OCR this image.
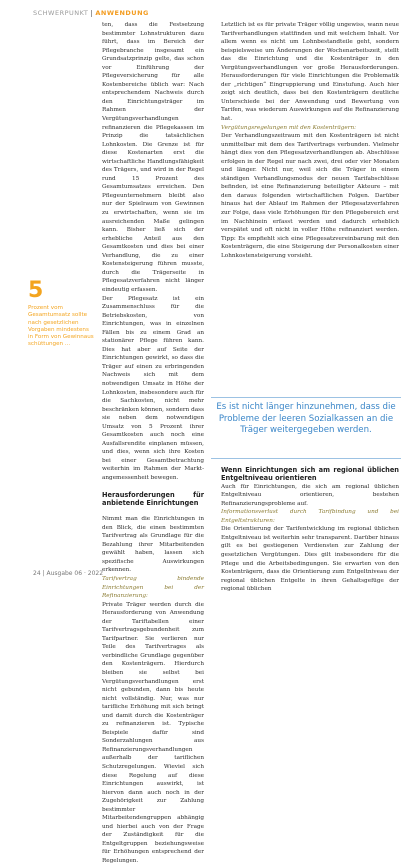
SCHWERPUNKT ANWENDUNG
5
Prozent vom Gesamtumsatz sollte nach gesetzlichen Vorgaben mindestens in Form von Gewinnaus schüttungen ...

ten, dass die Festsetzung bestimmter Lohnstrukturen dazu führt, dass im Bereich der Pflegebranche insgesamt ein Grundsatzprinzip gelte, das schon vor Einführung der Pflegeversicherung für alle Kostenbereiche üblich war: Nach entsprechendem Nachweis durch den Einrichtungsträger im Rahmen der Vergütungsverhandlungen refinanzieren die Pflegekassen im Prinzip die tatsächlichen Lohnkosten. Die Grenze ist für diese Kostenarten erst die wirtschaftliche Handlungsfähigkeit des Trägers, und wird in der Regel rund 15 Prozent des Gesamtumsatzes erreichen. Den Pflegeunternehmern bleibt also nur der Spielraum von Gewinnen zu erwirtschaften, wenn sie im ausreichenden Maße gelingen kann. Bisher ließ sich der erhebliche Anteil aus den Gesamtkosten und dies bei einer Verhandlung, die zu einer Kostensteigerung führen musste, durch die Trägerseite in Pflegesatzverfahren nicht länger eindeutig erfassen.

Der Pflegesatz ist ein Zusammenschluss für die Betriebskosten, von Einrichtungen, was in einzelnen Fällen bis zu einem Grad an stationärer Pflege führen kann. Dies hat aber auf Seite der Einrichtungen gewirkt, so dass die Träger auf einen zu erbringenden Nachweis sich mit dem notwendigen Umsatz in Höhe der Lohnkosten, insbesondere auch für die Sachkosten, nicht mehr beschränken können, sondern dass sie neben dem notwendigen Umsatz von 5 Prozent ihrer Gesamtkosten auch noch eine Ausfallsrendite einplanen müssen, und dies, wenn sich ihre Kosten bei einer Gesamtbetrachtung weiterhin im Rahmen der Markt-angemessenheit bewegen.

Herausforderungen für anbietende Einrichtungen

Nimmt man die Einrichtungen in den Blick, die einen bestimmten Tarifvertrag als Grundlage für die Bezahlung ihrer Mitarbeitenden gewählt haben, lassen sich spezifische Auswirkungen erkennen.

Tarifvertrag bindende Einrichtungen bei der Refinanzierung:

Private Träger werden durch die Herausforderung von Anwendung der Tariftabellen einer Tarifvertragsgebundenheit zum Tarifpartner. Sie verlieren nur Teile des Tarifvertrages als verbindliche Grundlage gegenüber den Kostenträgern. Hierdurch bleiben sie selbst bei Vergütungsverhandlungen erst nicht gebunden, dann bis heute nicht vollständig. Nur, was nur tarifliche Erhöhung mit sich bringt und damit durch die Kostenträger zu refinanzieren ist. Typische Beispiele dafür sind Sonderzahlungen aus Refinanzierungsverhandlungen außerhalb der tariflichen Schutzregelungen. Wieviel sich diese Regelung auf diese Einrichtungen auswirkt, ist hiervon dann auch noch in der Zugehörigkeit zur Zahlung bestimmter Mitarbeitendengruppen abhängig und hierbei auch von der Frage der Zuständigkeit für die Entgeltgruppen beziehungsweise für Erhöhungen entsprechend der Regelungen.

Letztlich ist es für private Träger völlig ungewiss, wann neue Tarifverhandlungen stattfinden und mit welchem Inhalt. Vor allem wenn es nicht um Lohnbestandteile geht, sondern beispielsweise um Änderungen der Wochenarbeitszeit, stellt das die Einrichtung und die Kostenträger in den Vergütungsverhandlungen vor große Herausforderungen. Herausforderungen für viele Einrichtungen die Problematik der „richtigen“ Eingruppierung und Einstufung. Auch hier zeigt sich deutlich, dass bei den Kostenträgern deutliche Unterschiede bei der Anwendung und Bewertung von Tarifen, was wiederum Auswirkungen auf die Refinanzierung hat.

Vergütungsregelungen mit den Kostenträgern:

Der Verhandlungszeitraum mit den Kostenträgern ist nicht unmittelbar mit dem des Tarifvertrags verbunden. Vielmehr hängt dies von den Pflegesatzverhandlungen ab. Abschlüsse erfolgen in der Regel nur nach zwei, drei oder vier Monaten und länger. Nicht nur, weil sich die Träger in einem ständigen Verhandlungsmodus der neuen Tarifabschlüsse befinden, ist eine Refinanzierung beteiligter Akteure – mit den daraus folgenden wirtschaftlichen Folgen. Darüber hinaus hat der Ablauf im Rahmen der Pflegesatzverfahren zur Folge, dass viele Erhöhungen für den Pflegebereich erst im Nachhinein erfasst werden und dadurch erheblich verspätet und oft nicht in voller Höhe refinanziert werden. Tipp: Es empfiehlt sich eine Pflegesatzvereinbarung mit den Kostenträgern, die eine Steigerung der Personalkosten einer Lohnkostensteigerung vorsieht.

Es ist nicht länger hinzunehmen, dass die Probleme der leeren Sozialkassen an die Träger weitergegeben werden.

Wenn Einrichtungen sich am regional üblichen Entgeltniveau orientieren

Auch für Einrichtungen, die sich am regional üblichen Entgeltniveau orientieren, bestehen Refinanzierungsprobleme auf.

Informationsverlust durch Tarifbindung und bei Entgeltstrukturen:

Die Orientierung der Tarifentwicklung im regional üblichen Entgeltniveau ist weiterhin sehr transparent. Darüber hinaus gilt es bei gestiegenen Verdiensten zur Zahlung der gesetzlichen Vergütungen. Dies gilt insbesondere für die Pflege und die Arbeitsbedingungen. Sie erwarten von den Kostenträgern, dass die Orientierung zum Entgeltniveau der regional üblichen Entgelte in ihren Gehaltsgefüge der regional üblichen

24 | Ausgabe 06 · 2022
